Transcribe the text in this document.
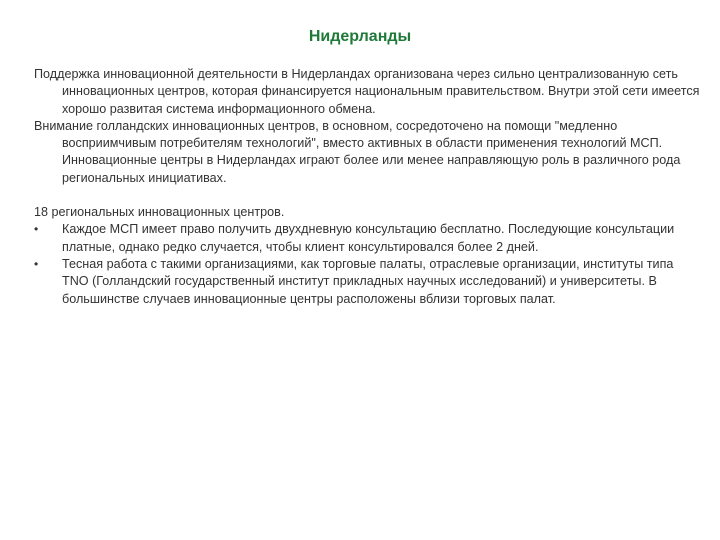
Нидерланды

Поддержка инновационной деятельности в Нидерландах организована через сильно централизованную сеть инновационных центров, которая финансируется национальным правительством. Внутри этой сети имеется хорошо развитая система информационного обмена.

Внимание голландских инновационных центров, в основном, сосредоточено на помощи "медленно восприимчивым потребителям технологий", вместо активных в области применения технологий МСП. Инновационные центры в Нидерландах играют более или менее направляющую роль в различного рода региональных инициативах.

18 региональных инновационных центров.

•	Каждое МСП имеет право получить двухдневную консультацию бесплатно. Последующие консультации платные, однако редко случается, чтобы клиент консультировался более 2 дней.
•	Тесная работа с такими организациями, как торговые палаты, отраслевые организации, институты типа TNO (Голландский государственный институт прикладных научных исследований) и университеты. В большинстве случаев инновационные центры расположены вблизи торговых палат.
